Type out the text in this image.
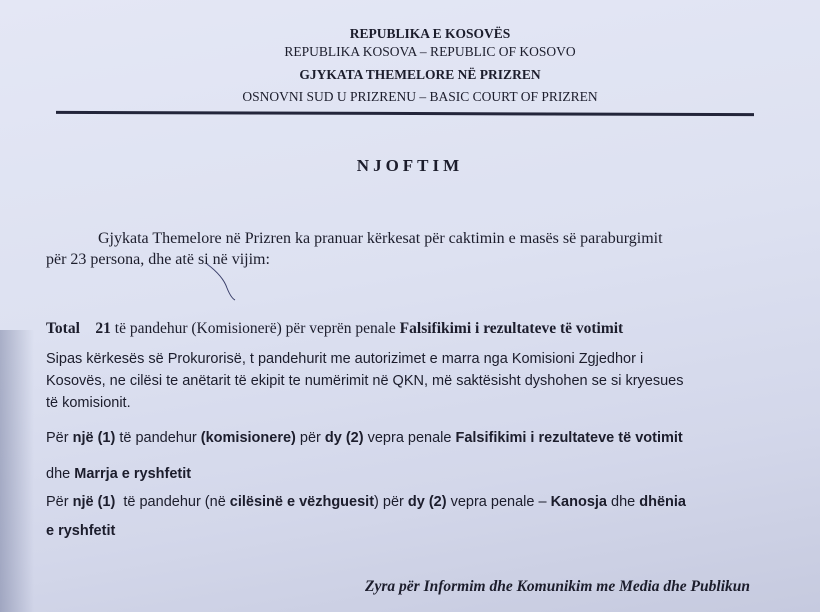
REPUBLIKA E KOSOVËS
REPUBLIKA KOSOVA – REPUBLIC OF KOSOVO
GJYKATA THEMELORE NË PRIZREN
OSNOVNI SUD U PRIZRENU – BASIC COURT OF PRIZREN
NJOFTIM
Gjykata Themelore në Prizren ka pranuar kërkesat për caktimin e masës së paraburgimit
për 23 persona, dhe atë si në vijim:
Total 21 të pandehur (Komisionerë) për veprën penale Falsifikimi i rezultateve të votimit
Sipas kërkesës së Prokurorisë, t pandehurit me autorizimet e marra nga Komisioni Zgjedhor i
Kosovës, ne cilësi te anëtarit të ekipit te numërimit në QKN, më saktësisht dyshohen se si kryesues
të komisionit.
Për një (1) të pandehur (komisionere) për dy (2) vepra penale Falsifikimi i rezultateve të votimit
dhe Marrja e ryshfetit
Për një (1) të pandehur (në cilësinë e vëzhguesit) për dy (2) vepra penale – Kanosja dhe dhënia
e ryshfetit
Zyra për Informim dhe Komunikim me Media dhe Publikun
